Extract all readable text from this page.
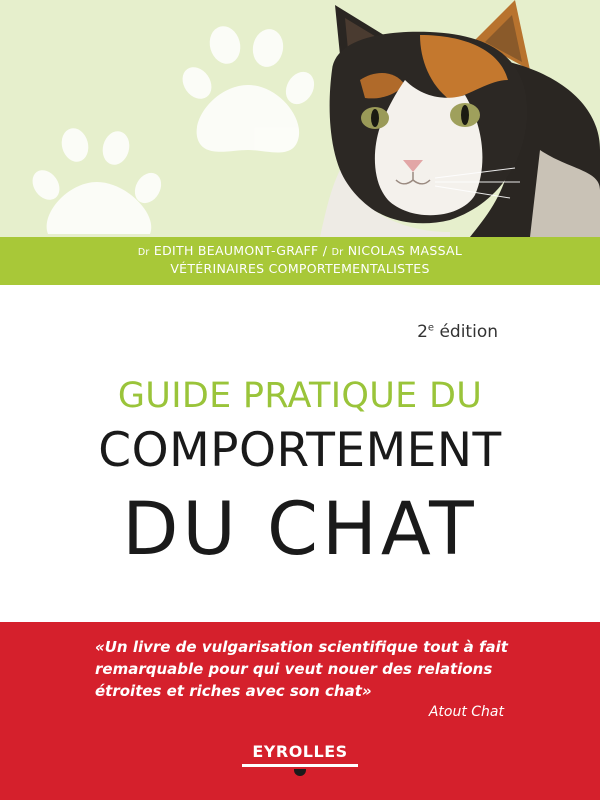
Dr EDITH BEAUMONT-GRAFF / Dr NICOLAS MASSAL
VÉTÉRINAIRES COMPORTEMENTALISTES
2e édition
GUIDE PRATIQUE DU
COMPORTEMENT
DU CHAT
«Un livre de vulgarisation scientifique tout à fait
remarquable pour qui veut nouer des relations
étroites et riches avec son chat»
Atout Chat
EYROLLES
